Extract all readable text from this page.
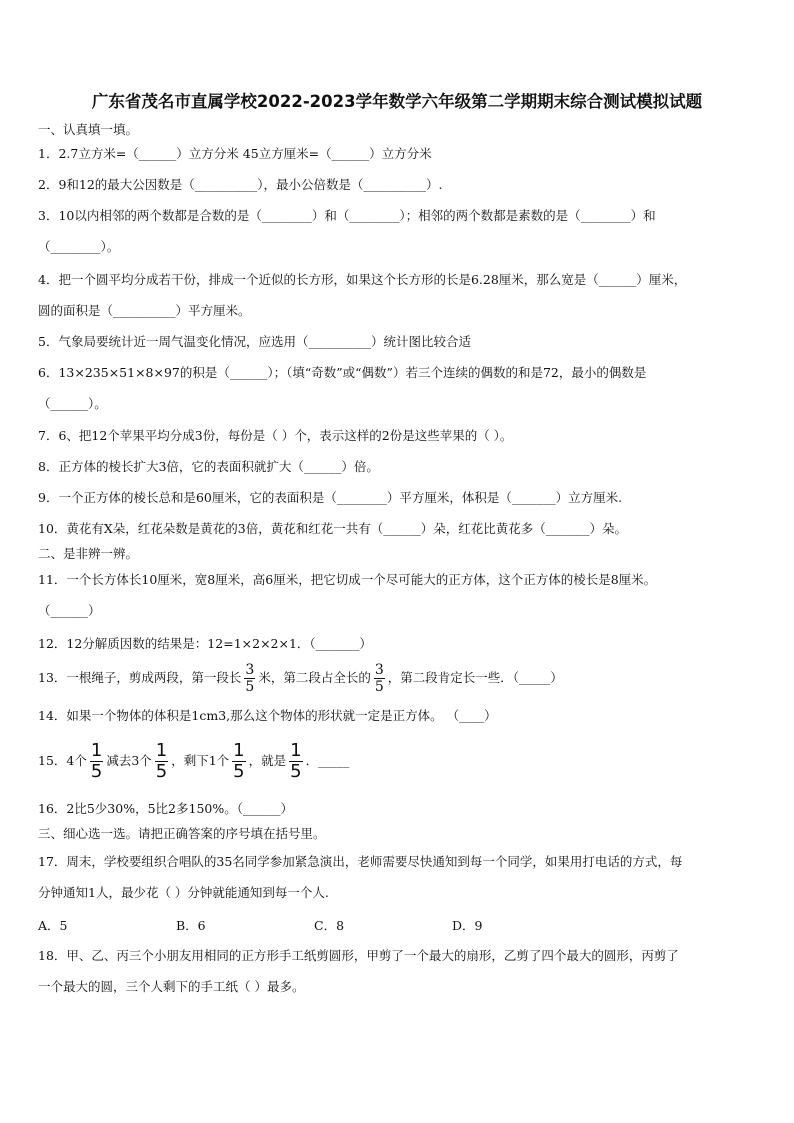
广东省茂名市直属学校2022-2023学年数学六年级第二学期期末综合测试模拟试题
一、认真填一填。
1．2.7立方米=（______）立方分米 45立方厘米=（______）立方分米
2．9和12的最大公因数是（__________），最小公倍数是（__________）.
3．10以内相邻的两个数都是合数的是（________）和（________）；相邻的两个数都是素数的是（________）和
（________）。
4．把一个圆平均分成若干份，排成一个近似的长方形，如果这个长方形的长是6.28厘米，那么宽是（______）厘米，
圆的面积是（__________）平方厘米。
5．气象局要统计近一周气温变化情况，应选用（__________）统计图比较合适
6．13×235×51×8×97的积是（______）；（填“奇数”或“偶数”）若三个连续的偶数的和是72，最小的偶数是
（______）。
7．6、把12个苹果平均分成3份，每份是（ ）个，表示这样的2份是这些苹果的（ ）。
8．正方体的棱长扩大3倍，它的表面积就扩大（______）倍。
9．一个正方体的棱长总和是60厘米，它的表面积是（________）平方厘米，体积是（_______）立方厘米.
10．黄花有X朵，红花朵数是黄花的3倍，黄花和红花一共有（______）朵，红花比黄花多（_______）朵。
二、是非辨一辨。
11．一个长方体长10厘米，宽8厘米，高6厘米，把它切成一个尽可能大的正方体，这个正方体的棱长是8厘米。
（______）
12．12分解质因数的结果是：12=1×2×2×1．（_______）
13．一根绳子，剪成两段，第一段长 $\frac{3}{5}$ 米，第二段占全长的 $\frac{3}{5}$ ，第二段肯定长一些．（_____）
14．如果一个物体的体积是1cm3,那么这个物体的形状就一定是正方体。 （____）
15．4个 $\frac{1}{5}$ 减去3个 $\frac{1}{5}$ ，剩下1个 $\frac{1}{5}$ ，就是 $\frac{1}{5}$ ．_____
16．2比5少30%，5比2多150%。（______）
三、细心选一选。请把正确答案的序号填在括号里。
17．周末，学校要组织合唱队的35名同学参加紧急演出，老师需要尽快通知到每一个同学，如果用打电话的方式，每
分钟通知1人，最少花（ ）分钟就能通知到每一个人.
A．5	B．6	C．8	D．9
18．甲、乙、丙三个小朋友用相同的正方形手工纸剪圆形，甲剪了一个最大的扇形，乙剪了四个最大的圆形，丙剪了
一个最大的圆，三个人剩下的手工纸（ ）最多。
